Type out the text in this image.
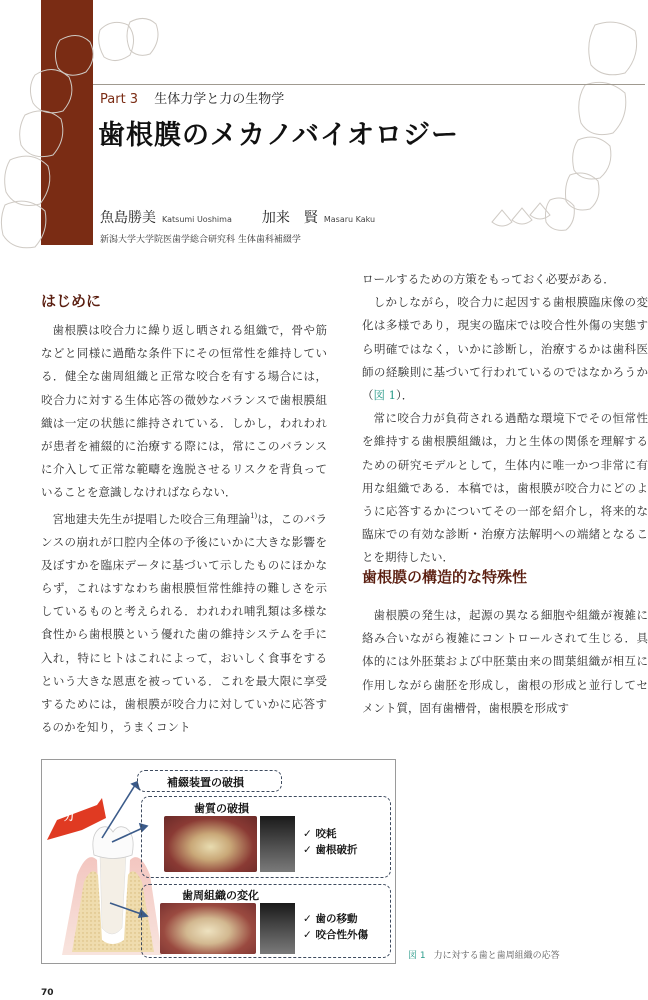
Part 3 生体力学と力の生物学
歯根膜のメカノバイオロジー
魚島勝美 Katsumi Uoshima 加来　賢 Masaru Kaku
新潟大学大学院医歯学総合研究科 生体歯科補綴学
はじめに

歯根膜は咬合力に繰り返し晒される組織で，骨や筋などと同様に過酷な条件下にその恒常性を維持している．健全な歯周組織と正常な咬合を有する場合には，咬合力に対する生体応答の微妙なバランスで歯根膜組織は一定の状態に維持されている．しかし，われわれが患者を補綴的に治療する際には，常にこのバランスに介入して正常な範疇を逸脱させるリスクを背負っていることを意識しなければならない．

宮地建夫先生が提唱した咬合三角理論$^{1)}$は，このバランスの崩れが口腔内全体の予後にいかに大きな影響を及ぼすかを臨床データに基づいて示したものにほかならず，これはすなわち歯根膜恒常性維持の難しさを示しているものと考えられる．われわれ哺乳類は多様な食性から歯根膜という優れた歯の維持システムを手に入れ，特にヒトはこれによって，おいしく食事をするという大きな恩恵を被っている．これを最大限に享受するためには，歯根膜が咬合力に対していかに応答するのかを知り，うまくコント

ロールするための方策をもっておく必要がある．

しかしながら，咬合力に起因する歯根膜臨床像の変化は多様であり，現実の臨床では咬合性外傷の実態すら明確ではなく，いかに診断し，治療するかは歯科医師の経験則に基づいて行われているのではなかろうか（図 1）．

常に咬合力が負荷される過酷な環境下でその恒常性を維持する歯根膜組織は，力と生体の関係を理解するための研究モデルとして，生体内に唯一かつ非常に有用な組織である．本稿では，歯根膜が咬合力にどのように応答するかについてその一部を紹介し，将来的な臨床での有効な診断・治療方法解明への端緒となることを期待したい．

歯根膜の構造的な特殊性

歯根膜の発生は，起源の異なる細胞や組織が複雑に絡み合いながら複雑にコントロールされて生じる．具体的には外胚葉および中胚葉由来の間葉組織が相互に作用しながら歯胚を形成し，歯根の形成と並行してセメント質，固有歯槽骨，歯根膜を形成す

力
補綴装置の破損
歯質の破損
✓ 咬耗
✓ 歯根破折
歯周組織の変化
✓ 歯の移動
✓ 咬合性外傷
図 1 力に対する歯と歯周組織の応答
70
